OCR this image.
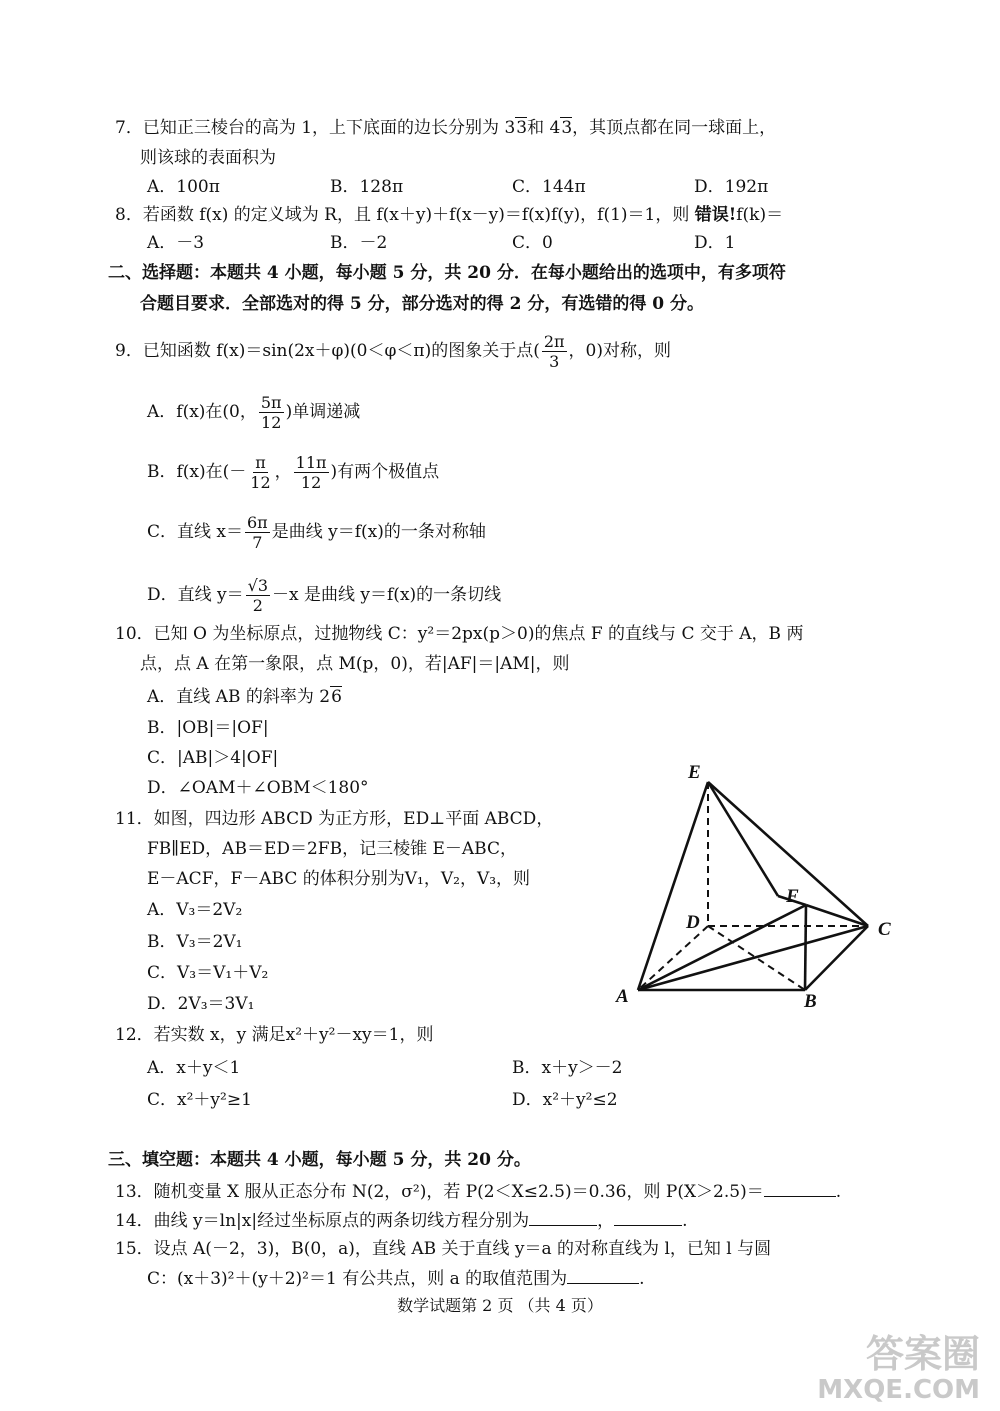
7．已知正三棱台的高为 1，上下底面的边长分别为 33和 43，其顶点都在同一球面上，
则该球的表面积为
A．100π	B．128π	C．144π	D．192π
8．若函数 f(x) 的定义域为 R，且 f(x＋y)＋f(x－y)＝f(x)f(y)，f(1)＝1，则 错误!f(k)＝
A．－3	B．－2	C．0	D．1
二、选择题：本题共 4 小题，每小题 5 分，共 20 分．在每小题给出的选项中，有多项符
合题目要求．全部选对的得 5 分，部分选对的得 2 分，有选错的得 0 分。
9．已知函数 f(x)＝sin(2x＋φ)(0＜φ＜π)的图象关于点( $\frac{2\pi}{3}$ ，0)对称，则
A．f(x)在(0， $\frac{5\pi}{12}$ )单调递减
B．f(x)在(－ $\frac{\pi}{12}$ ， $\frac{11\pi}{12}$ )有两个极值点
C．直线 $x= \frac{6\pi}{7}$ 是曲线 y＝f(x)的一条对称轴
D．直线 $y= \frac{√3}{2} -x$ 是曲线 y＝f(x)的一条切线
10．已知 O 为坐标原点，过抛物线 C：y²＝2px(p＞0)的焦点 F 的直线与 C 交于 A，B 两
点，点 A 在第一象限，点 M(p，0)，若|AF|＝|AM|，则
A．直线 AB 的斜率为 26
B．|OB|＝|OF|
C．|AB|＞4|OF|
D．∠OAM＋∠OBM＜180°
11．如图，四边形 ABCD 为正方形，ED⊥平面 ABCD，
FB∥ED，AB＝ED＝2FB，记三棱锥 E－ABC，
E－ACF，F－ABC 的体积分别为V₁，V₂，V₃，则
A．V₃＝2V₂
B．V₃＝2V₁
C．V₃＝V₁＋V₂
D．2V₃＝3V₁
E
F
D	C
A	B
12．若实数 x，y 满足x²＋y²－xy＝1，则
A．x＋y＜1	B．x＋y＞－2
C．x²＋y²≥1	D．x²＋y²≤2
三、填空题：本题共 4 小题，每小题 5 分，共 20 分。
13．随机变量 X 服从正态分布 N(2，σ²)，若 P(2＜X≤2.5)＝0.36，则 P(X＞2.5)＝	.
14．曲线 y＝ln|x|经过坐标原点的两条切线方程分别为	，	.
15．设点 A(－2，3)，B(0，a)，直线 AB 关于直线 y＝a 的对称直线为 l，已知 l 与圆
C：(x＋3)²＋(y＋2)²＝1 有公共点，则 a 的取值范围为	.
数学试题第 2 页 （共 4 页）
答案圈
MXQE.COM
